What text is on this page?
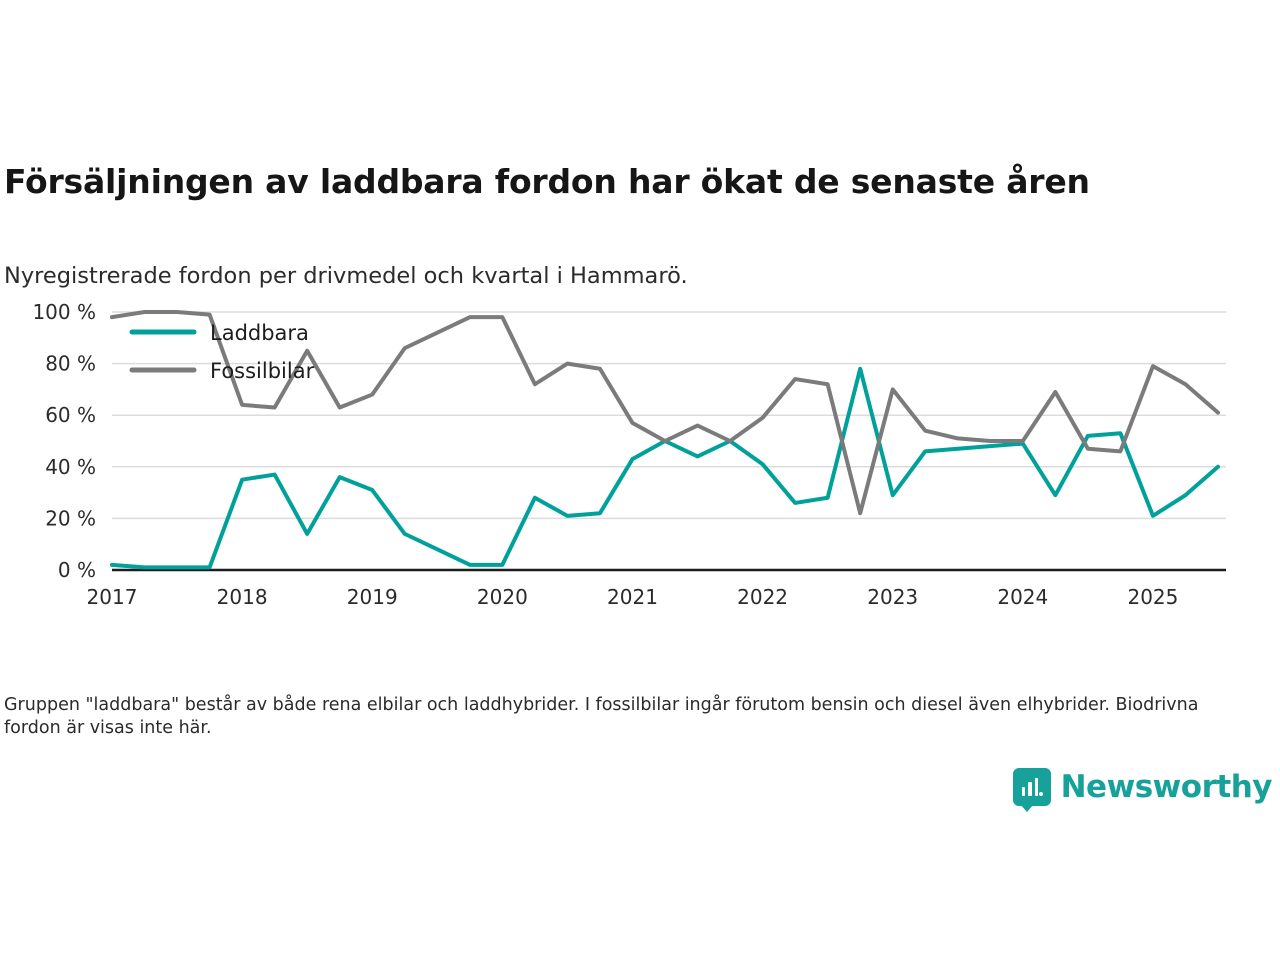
Försäljningen av laddbara fordon har ökat de senaste åren

Nyregistrerade fordon per drivmedel och kvartal i Hammarö.

0 %
20 %
40 %
60 %
80 %
100 %
2017	2018	2019	2020	2021	2022	2023	2024	2025
Laddbara
Fossilbilar

Gruppen "laddbara" består av både rena elbilar och laddhybrider. I fossilbilar ingår förutom bensin och diesel även elhybrider. Biodrivna fordon är visas inte här.

Newsworthy
